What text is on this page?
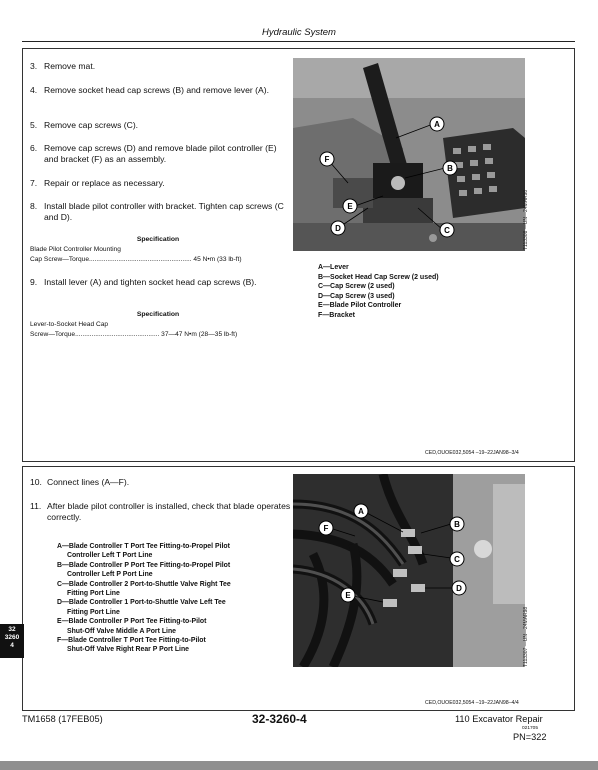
Hydraulic System
3. Remove mat.
4. Remove socket head cap screws (B) and remove lever (A).
5. Remove cap screws (C).
6. Remove cap screws (D) and remove blade pilot controller (E) and bracket (F) as an assembly.
7. Repair or replace as necessary.
8. Install blade pilot controller with bracket. Tighten cap screws (C and D).
Specification
Blade Pilot Controller Mounting
Cap Screw—Torque........................................................ 45 N•m (33 lb-ft)
9. Install lever (A) and tighten socket head cap screws (B).
Specification
Lever-to-Socket Head Cap
Screw—Torque.............................................. 37—47 N•m (28—35 lb-ft)
A
B
C
D
E
F
T113308 —UN—24MAR98
A—Lever
B—Socket Head Cap Screw (2 used)
C—Cap Screw (2 used)
D—Cap Screw (3 used)
E—Blade Pilot Controller
F—Bracket
CED,OUOE032,5054 –19–22JAN98–3/4
10. Connect lines (A—F).
11. After blade pilot controller is installed, check that blade operates correctly.
A—Blade Controller T Port Tee Fitting-to-Propel Pilot
Controller Left T Port Line
B—Blade Controller P Port Tee Fitting-to-Propel Pilot
Controller Left P Port Line
C—Blade Controller 2 Port-to-Shuttle Valve Right Tee
Fitting Port Line
D—Blade Controller 1 Port-to-Shuttle Valve Left Tee
Fitting Port Line
E—Blade Controller P Port Tee Fitting-to-Pilot
Shut-Off Valve Middle A Port Line
F—Blade Controller T Port Tee Fitting-to-Pilot
Shut-Off Valve Right Rear P Port Line
A
B
C
D
E
F
T113307 —UN—24MAR98
CED,OUOE032,5054 –19–22JAN98–4/4
32
3260
4
TM1658 (17FEB05)	32-3260-4	110 Excavator Repair
021705
PN=322
